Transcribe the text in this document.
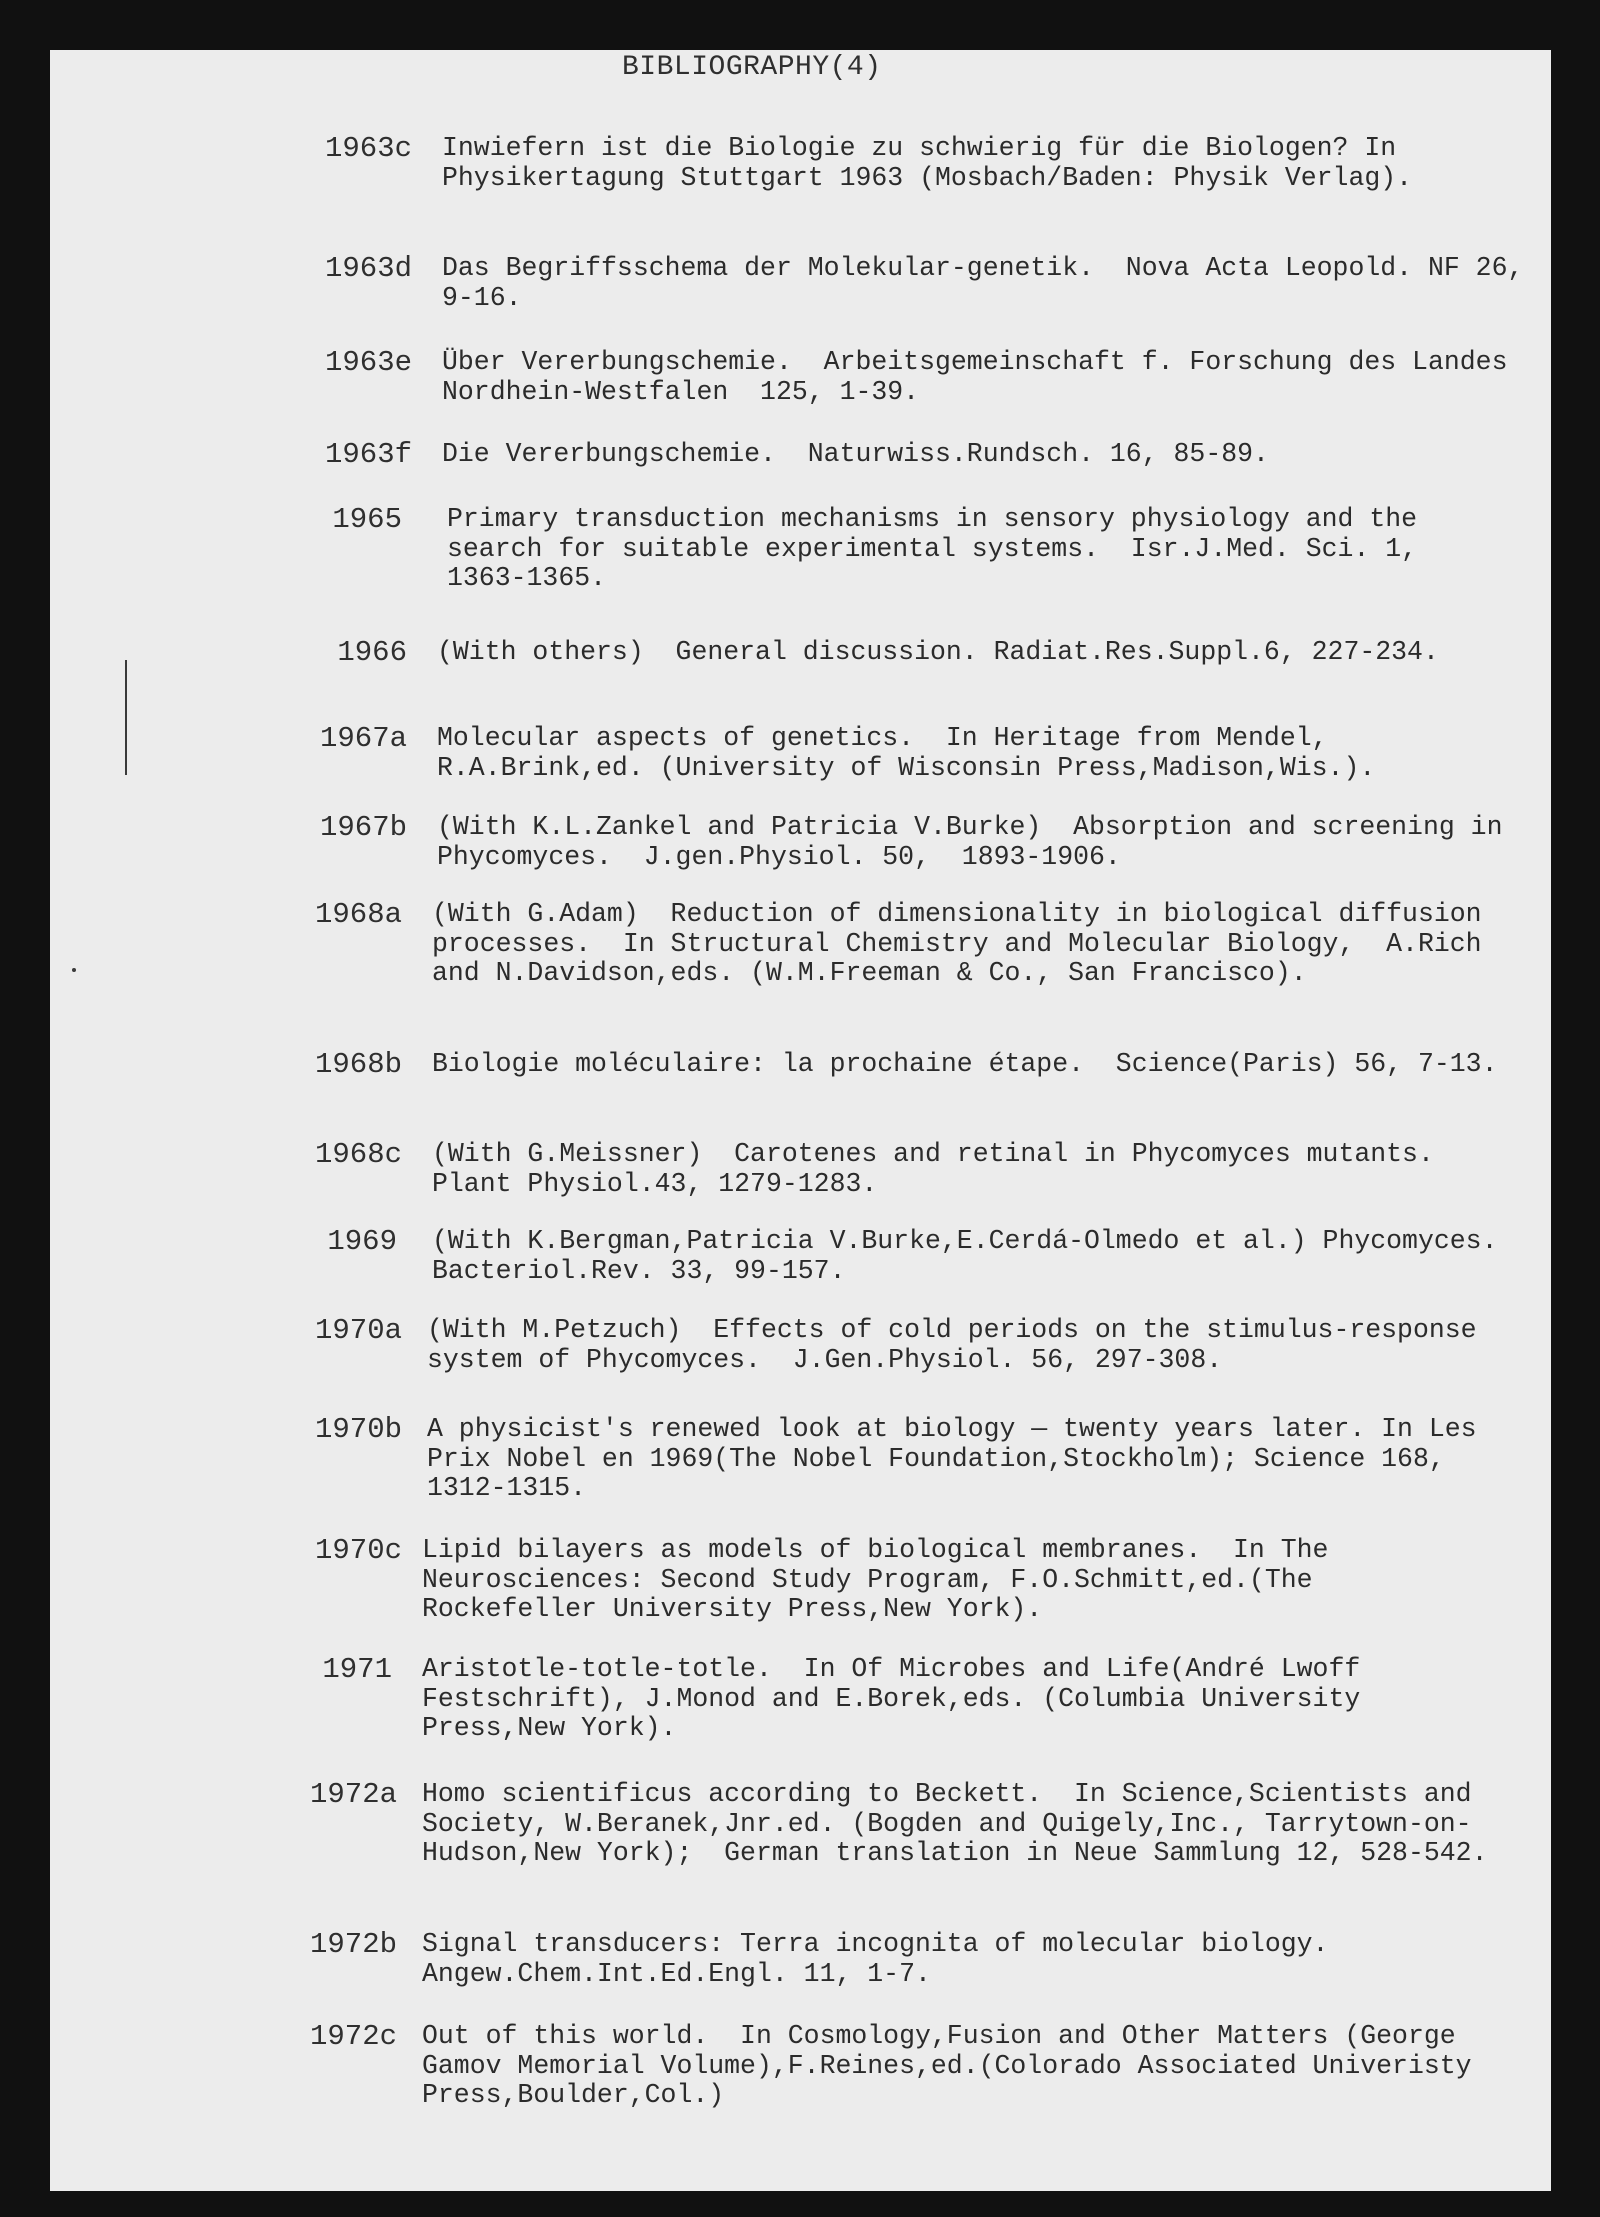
BIBLIOGRAPHY(4)
1963c Inwiefern ist die Biologie zu schwierig für die Biologen? In Physikertagung Stuttgart 1963 (Mosbach/Baden: Physik Verlag).
1963d Das Begriffsschema der Molekular-genetik.  Nova Acta Leopold. NF 26, 9-16.
1963e Über Vererbungschemie.  Arbeitsgemeinschaft f. Forschung des Landes Nordhein-Westfalen  125, 1-39.
1963f Die Vererbungschemie.  Naturwiss.Rundsch. 16, 85-89.
1965 Primary transduction mechanisms in sensory physiology and the search for suitable experimental systems.  Isr.J.Med. Sci. 1,  1363-1365.
1966 (With others)  General discussion. Radiat.Res.Suppl.6, 227-234.
1967a Molecular aspects of genetics.  In Heritage from Mendel, R.A.Brink,ed. (University of Wisconsin Press,Madison,Wis.).
1967b (With K.L.Zankel and Patricia V.Burke)  Absorption and screening in Phycomyces.  J.gen.Physiol. 50,  1893-1906.
1968a (With G.Adam)  Reduction of dimensionality in biological diffusion processes.  In Structural Chemistry and Molecular Biology,  A.Rich and N.Davidson,eds. (W.M.Freeman & Co., San Francisco).
1968b Biologie moléculaire: la prochaine étape.  Science(Paris) 56, 7-13.
1968c (With G.Meissner)  Carotenes and retinal in Phycomyces mutants.  Plant Physiol.43, 1279-1283.
1969 (With K.Bergman,Patricia V.Burke,E.Cerdá-Olmedo et al.) Phycomyces.  Bacteriol.Rev. 33, 99-157.
1970a (With M.Petzuch)  Effects of cold periods on the stimulus-response system of Phycomyces.  J.Gen.Physiol. 56, 297-308.
1970b A physicist's renewed look at biology — twenty years later. In Les Prix Nobel en 1969(The Nobel Foundation,Stockholm); Science 168, 1312-1315.
1970c Lipid bilayers as models of biological membranes.  In The Neurosciences: Second Study Program, F.O.Schmitt,ed.(The Rockefeller University Press,New York).
1971 Aristotle-totle-totle.  In Of Microbes and Life(André Lwoff Festschrift), J.Monod and E.Borek,eds. (Columbia University Press,New York).
1972a Homo scientificus according to Beckett.  In Science,Scientists and Society, W.Beranek,Jnr.ed. (Bogden and Quigely,Inc., Tarrytown-on-Hudson,New York);  German translation in Neue Sammlung 12, 528-542.
1972b Signal transducers: Terra incognita of molecular biology. Angew.Chem.Int.Ed.Engl. 11, 1-7.
1972c Out of this world.  In Cosmology,Fusion and Other Matters (George Gamov Memorial Volume),F.Reines,ed.(Colorado Associated Univeristy Press,Boulder,Col.)
